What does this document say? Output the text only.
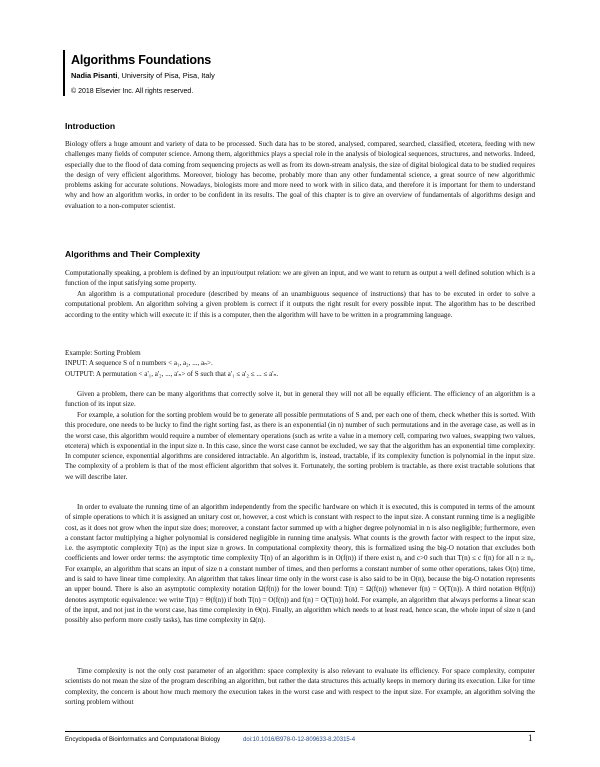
Algorithms Foundations
Nadia Pisanti, University of Pisa, Pisa, Italy
© 2018 Elsevier Inc. All rights reserved.
Introduction

Biology offers a huge amount and variety of data to be processed. Such data has to be stored, analysed, compared, searched, classified, etcetera, feeding with new challenges many fields of computer science. Among them, algorithmics plays a special role in the analysis of biological sequences, structures, and networks. Indeed, especially due to the flood of data coming from sequencing projects as well as from its down-stream analysis, the size of digital biological data to be studied requires the design of very efficient algorithms. Moreover, biology has become, probably more than any other fundamental science, a great source of new algorithmic problems asking for accurate solutions. Nowadays, biologists more and more need to work with in silico data, and therefore it is important for them to understand why and how an algorithm works, in order to be confident in its results. The goal of this chapter is to give an overview of fundamentals of algorithms design and evaluation to a non-computer scientist.

Algorithms and Their Complexity

Computationally speaking, a problem is defined by an input/output relation: we are given an input, and we want to return as output a well defined solution which is a function of the input satisfying some property.

An algorithm is a computational procedure (described by means of an unambiguous sequence of instructions) that has to be excuted in order to solve a computational problem. An algorithm solving a given problem is correct if it outputs the right result for every possible input. The algorithm has to be described according to the entity which will execute it: if this is a computer, then the algorithm will have to be written in a programming language.

Example: Sorting Problem

INPUT: A sequence S of n numbers < a₁, a₂, ..., aₙ>.

OUTPUT: A permutation < a'₁, a'₂, ..., a'ₙ> of S such that a'₁ ≤ a'₂ ≤ ... ≤ a'ₙ.

Given a problem, there can be many algorithms that correctly solve it, but in general they will not all be equally efficient. The efficiency of an algorithm is a function of its input size.

For example, a solution for the sorting problem would be to generate all possible permutations of S and, per each one of them, check whether this is sorted. With this procedure, one needs to be lucky to find the right sorting fast, as there is an exponential (in n) number of such permutations and in the average case, as well as in the worst case, this algorithm would require a number of elementary operations (such as write a value in a memory cell, comparing two values, swapping two values, etcetera) which is exponential in the input size n. In this case, since the worst case cannot be excluded, we say that the algorithm has an exponential time complexity. In computer science, exponential algorithms are considered intractable. An algorithm is, instead, tractable, if its complexity function is polynomial in the input size. The complexity of a problem is that of the most efficient algorithm that solves it. Fortunately, the sorting problem is tractable, as there exist tractable solutions that we will describe later.

In order to evaluate the running time of an algorithm independently from the specific hardware on which it is executed, this is computed in terms of the amount of simple operations to which it is assigned an unitary cost or, however, a cost which is constant with respect to the input size. A constant running time is a negligible cost, as it does not grow when the input size does; moreover, a constant factor summed up with a higher degree polynomial in n is also negligible; furthermore, even a constant factor multiplying a higher polynomial is considered negligible in running time analysis. What counts is the growth factor with respect to the input size, i.e. the asymptotic complexity T(n) as the input size n grows. In computational complexity theory, this is formalized using the big-O notation that excludes both coefficients and lower order terms: the asymptotic time complexity T(n) of an algorithm is in O(f(n)) if there exist n₀ and c>0 such that T(n) ≤ c f(n) for all n ≥ n₀. For example, an algorithm that scans an input of size n a constant number of times, and then performs a constant number of some other operations, takes O(n) time, and is said to have linear time complexity. An algorithm that takes linear time only in the worst case is also said to be in O(n), because the big-O notation represents an upper bound. There is also an asymptotic complexity notation Ω(f(n)) for the lower bound: T(n) = Ω(f(n)) whenever f(n) = O(T(n)). A third notation Θ(f(n)) denotes asymptotic equivalence: we write T(n) = Θ(f(n)) if both T(n) = O(f(n)) and f(n) = O(T(n)) hold. For example, an algorithm that always performs a linear scan of the input, and not just in the worst case, has time complexity in Θ(n). Finally, an algorithm which needs to at least read, hence scan, the whole input of size n (and possibly also perform more costly tasks), has time complexity in Ω(n).

Time complexity is not the only cost parameter of an algorithm: space complexity is also relevant to evaluate its efficiency. For space complexity, computer scientists do not mean the size of the program describing an algorithm, but rather the data structures this actually keeps in memory during its execution. Like for time complexity, the concern is about how much memory the execution takes in the worst case and with respect to the input size. For example, an algorithm solving the sorting problem without

Encyclopedia of Bioinformatics and Computational Biology	doi:10.1016/B978-0-12-809633-8.20315-4	1
